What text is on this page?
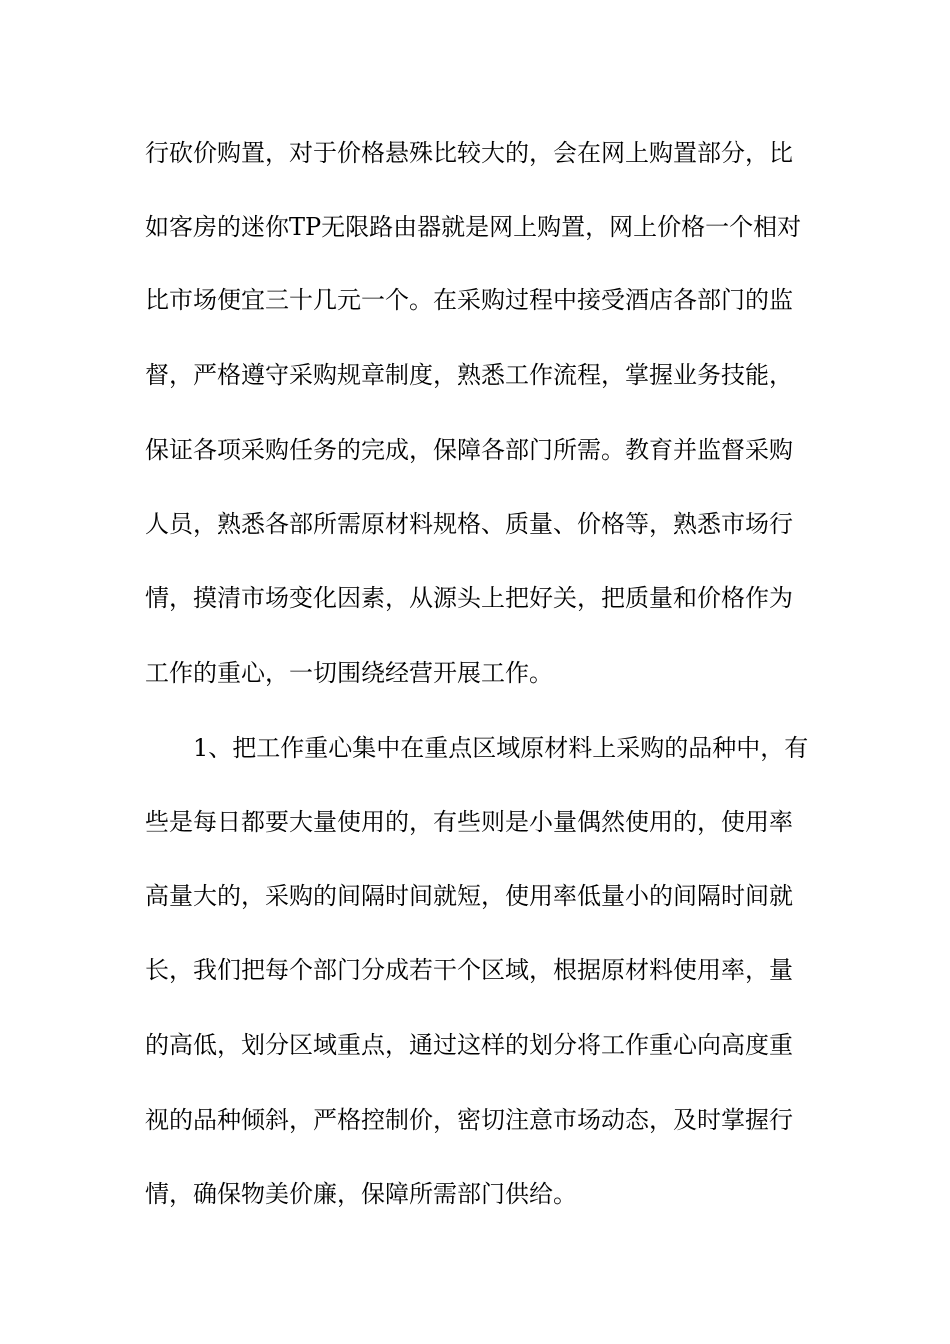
行砍价购置，对于价格悬殊比较大的，会在网上购置部分，比
如客房的迷你TP无限路由器就是网上购置，网上价格一个相对
比市场便宜三十几元一个。在采购过程中接受酒店各部门的监
督，严格遵守采购规章制度，熟悉工作流程，掌握业务技能，
保证各项采购任务的完成，保障各部门所需。教育并监督采购
人员，熟悉各部所需原材料规格、质量、价格等，熟悉市场行
情，摸清市场变化因素，从源头上把好关，把质量和价格作为
工作的重心，一切围绕经营开展工作。
1、把工作重心集中在重点区域原材料上采购的品种中，有
些是每日都要大量使用的，有些则是小量偶然使用的，使用率
高量大的，采购的间隔时间就短，使用率低量小的间隔时间就
长，我们把每个部门分成若干个区域，根据原材料使用率，量
的高低，划分区域重点，通过这样的划分将工作重心向高度重
视的品种倾斜，严格控制价，密切注意市场动态，及时掌握行
情，确保物美价廉，保障所需部门供给。
